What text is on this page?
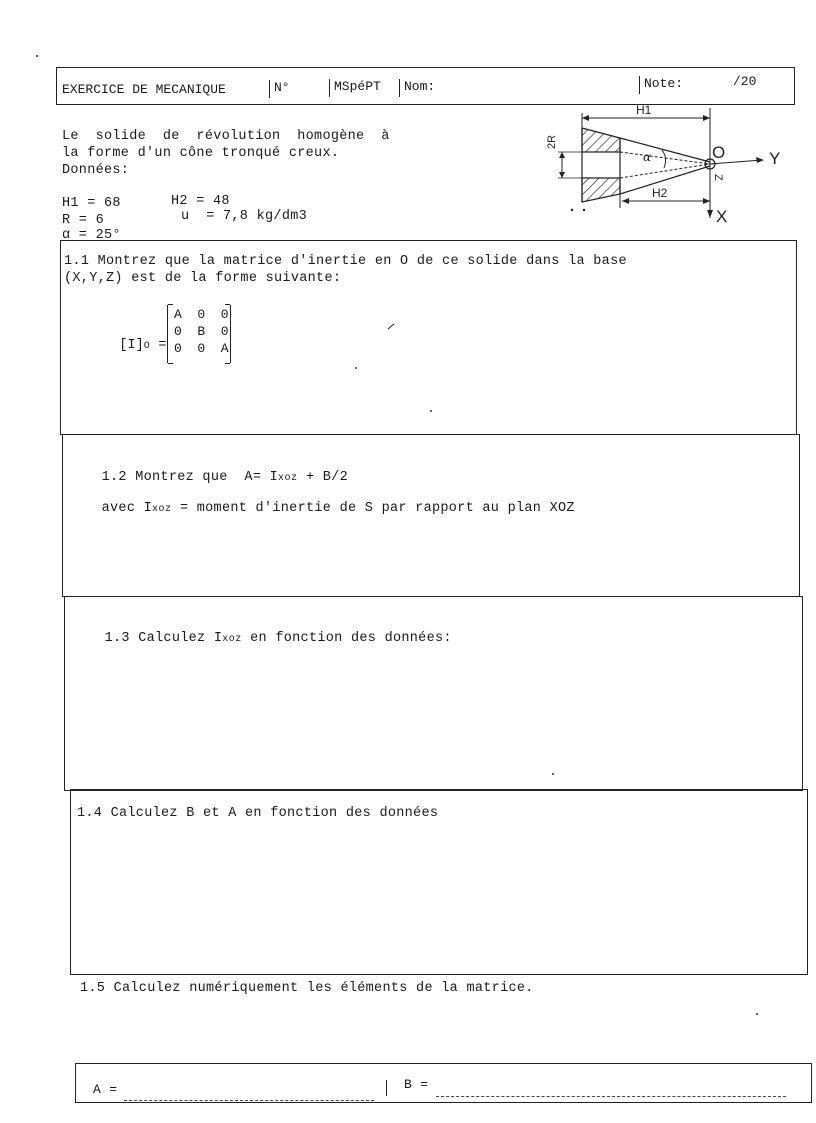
EXERCICE DE MECANIQUE	N°	MSpéPT Nom:	Note:	/20
Le  solide  de  révolution  homogène  à
la forme d'un cône tronqué creux.
Données:
H1 = 68	H2 = 48
R = 6	u  = 7,8 kg/dm3
α = 25°
H1
H2
2R
α	O	Y
X
Z
1.1 Montrez que la matrice d'inertie en O de ce solide dans la base
(X,Y,Z) est de la forme suivante:

[I]O =

A  0  0
0  B  0
0  0  A

1.2 Montrez que  A= Ixoz + B/2

avec Ixoz = moment d'inertie de S par rapport au plan XOZ

1.3 Calculez Ixoz en fonction des données:

1.4 Calculez B et A en fonction des données
1.5 Calculez numériquement les éléments de la matrice.
A =	B =
